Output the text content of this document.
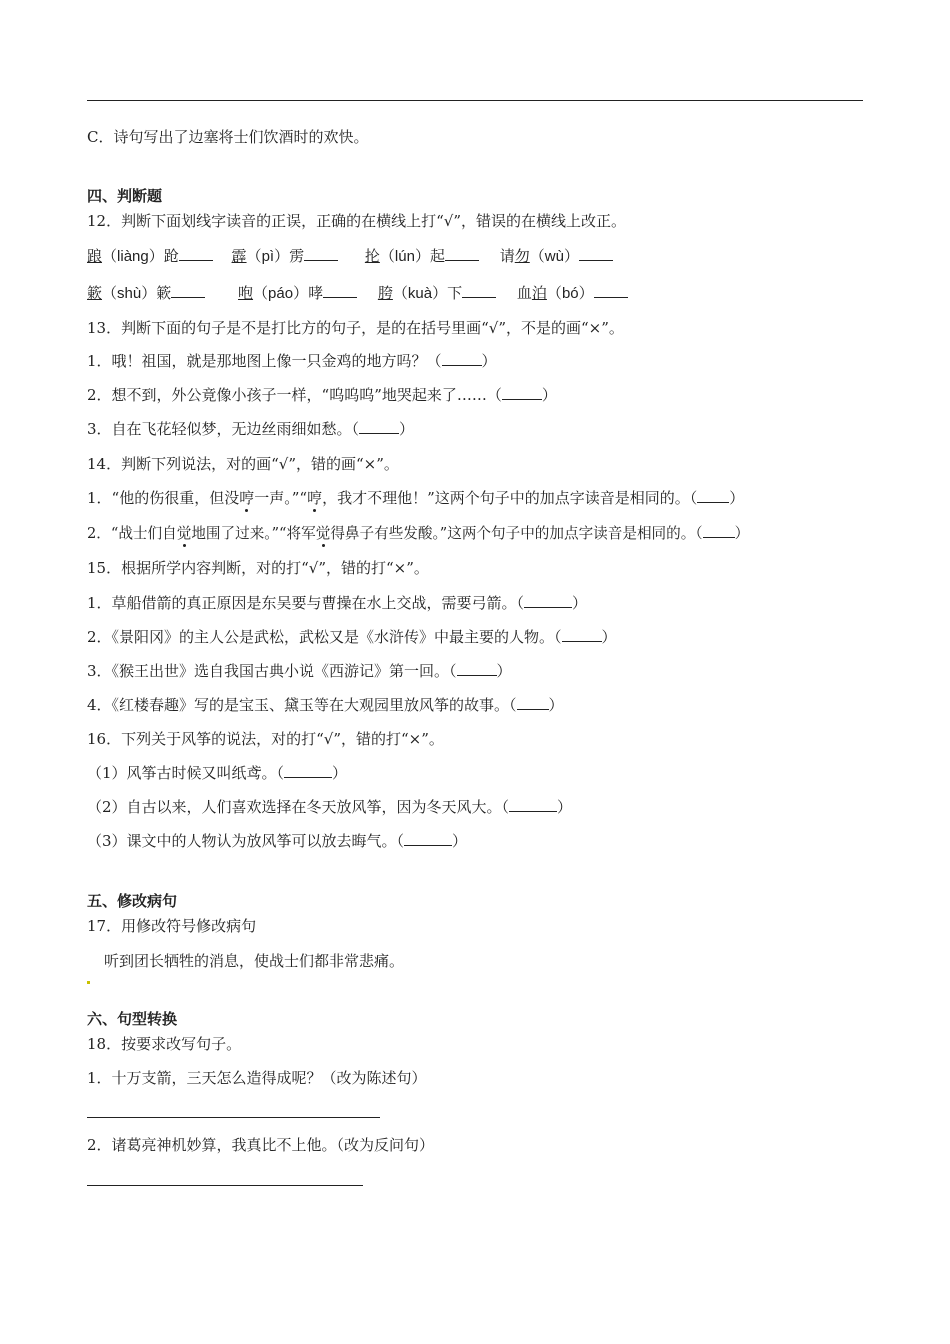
C．诗句写出了边塞将士们饮酒时的欢快。
四、判断题
12．判断下面划线字读音的正误，正确的在横线上打“√”，错误的在横线上改正。
踉（liàng）跄	霹（pì）雳	抡（lún）起	请勿（wù）
簌（shù）簌	咆（páo）哮	胯（kuà）下	血泊（bó）
13．判断下面的句子是不是打比方的句子，是的在括号里画“√”，不是的画“×”。
1．哦！祖国，就是那地图上像一只金鸡的地方吗？（	）
2．想不到，外公竟像小孩子一样，“呜呜呜”地哭起来了……（	）
3．自在飞花轻似梦，无边丝雨细如愁。（	）
14．判断下列说法，对的画“√”，错的画“×”。
1．“他的伤很重，但没哼一声。”“哼，我才不理他！”这两个句子中的加点字读音是相同的。（ ）
2．“战士们自觉地围了过来。”“将军觉得鼻子有些发酸。”这两个句子中的加点字读音是相同的。（ ）
15．根据所学内容判断，对的打“√”，错的打“×”。
1．草船借箭的真正原因是东吴要与曹操在水上交战，需要弓箭。（	）
2．《景阳冈》的主人公是武松，武松又是《水浒传》中最主要的人物。（	）
3．《猴王出世》选自我国古典小说《西游记》第一回。（	）
4．《红楼春趣》写的是宝玉、黛玉等在大观园里放风筝的故事。（ ）
16．下列关于风筝的说法，对的打“√”，错的打“×”。
（1）风筝古时候又叫纸鸢。（	）
（2）自古以来，人们喜欢选择在冬天放风筝，因为冬天风大。（	）
（3）课文中的人物认为放风筝可以放去晦气。（	）
五、修改病句
17．用修改符号修改病句
听到团长牺牲的消息，使战士们都非常悲痛。
六、句型转换
18．按要求改写句子。
1．十万支箭，三天怎么造得成呢？（改为陈述句）
2．诸葛亮神机妙算，我真比不上他。（改为反问句）
